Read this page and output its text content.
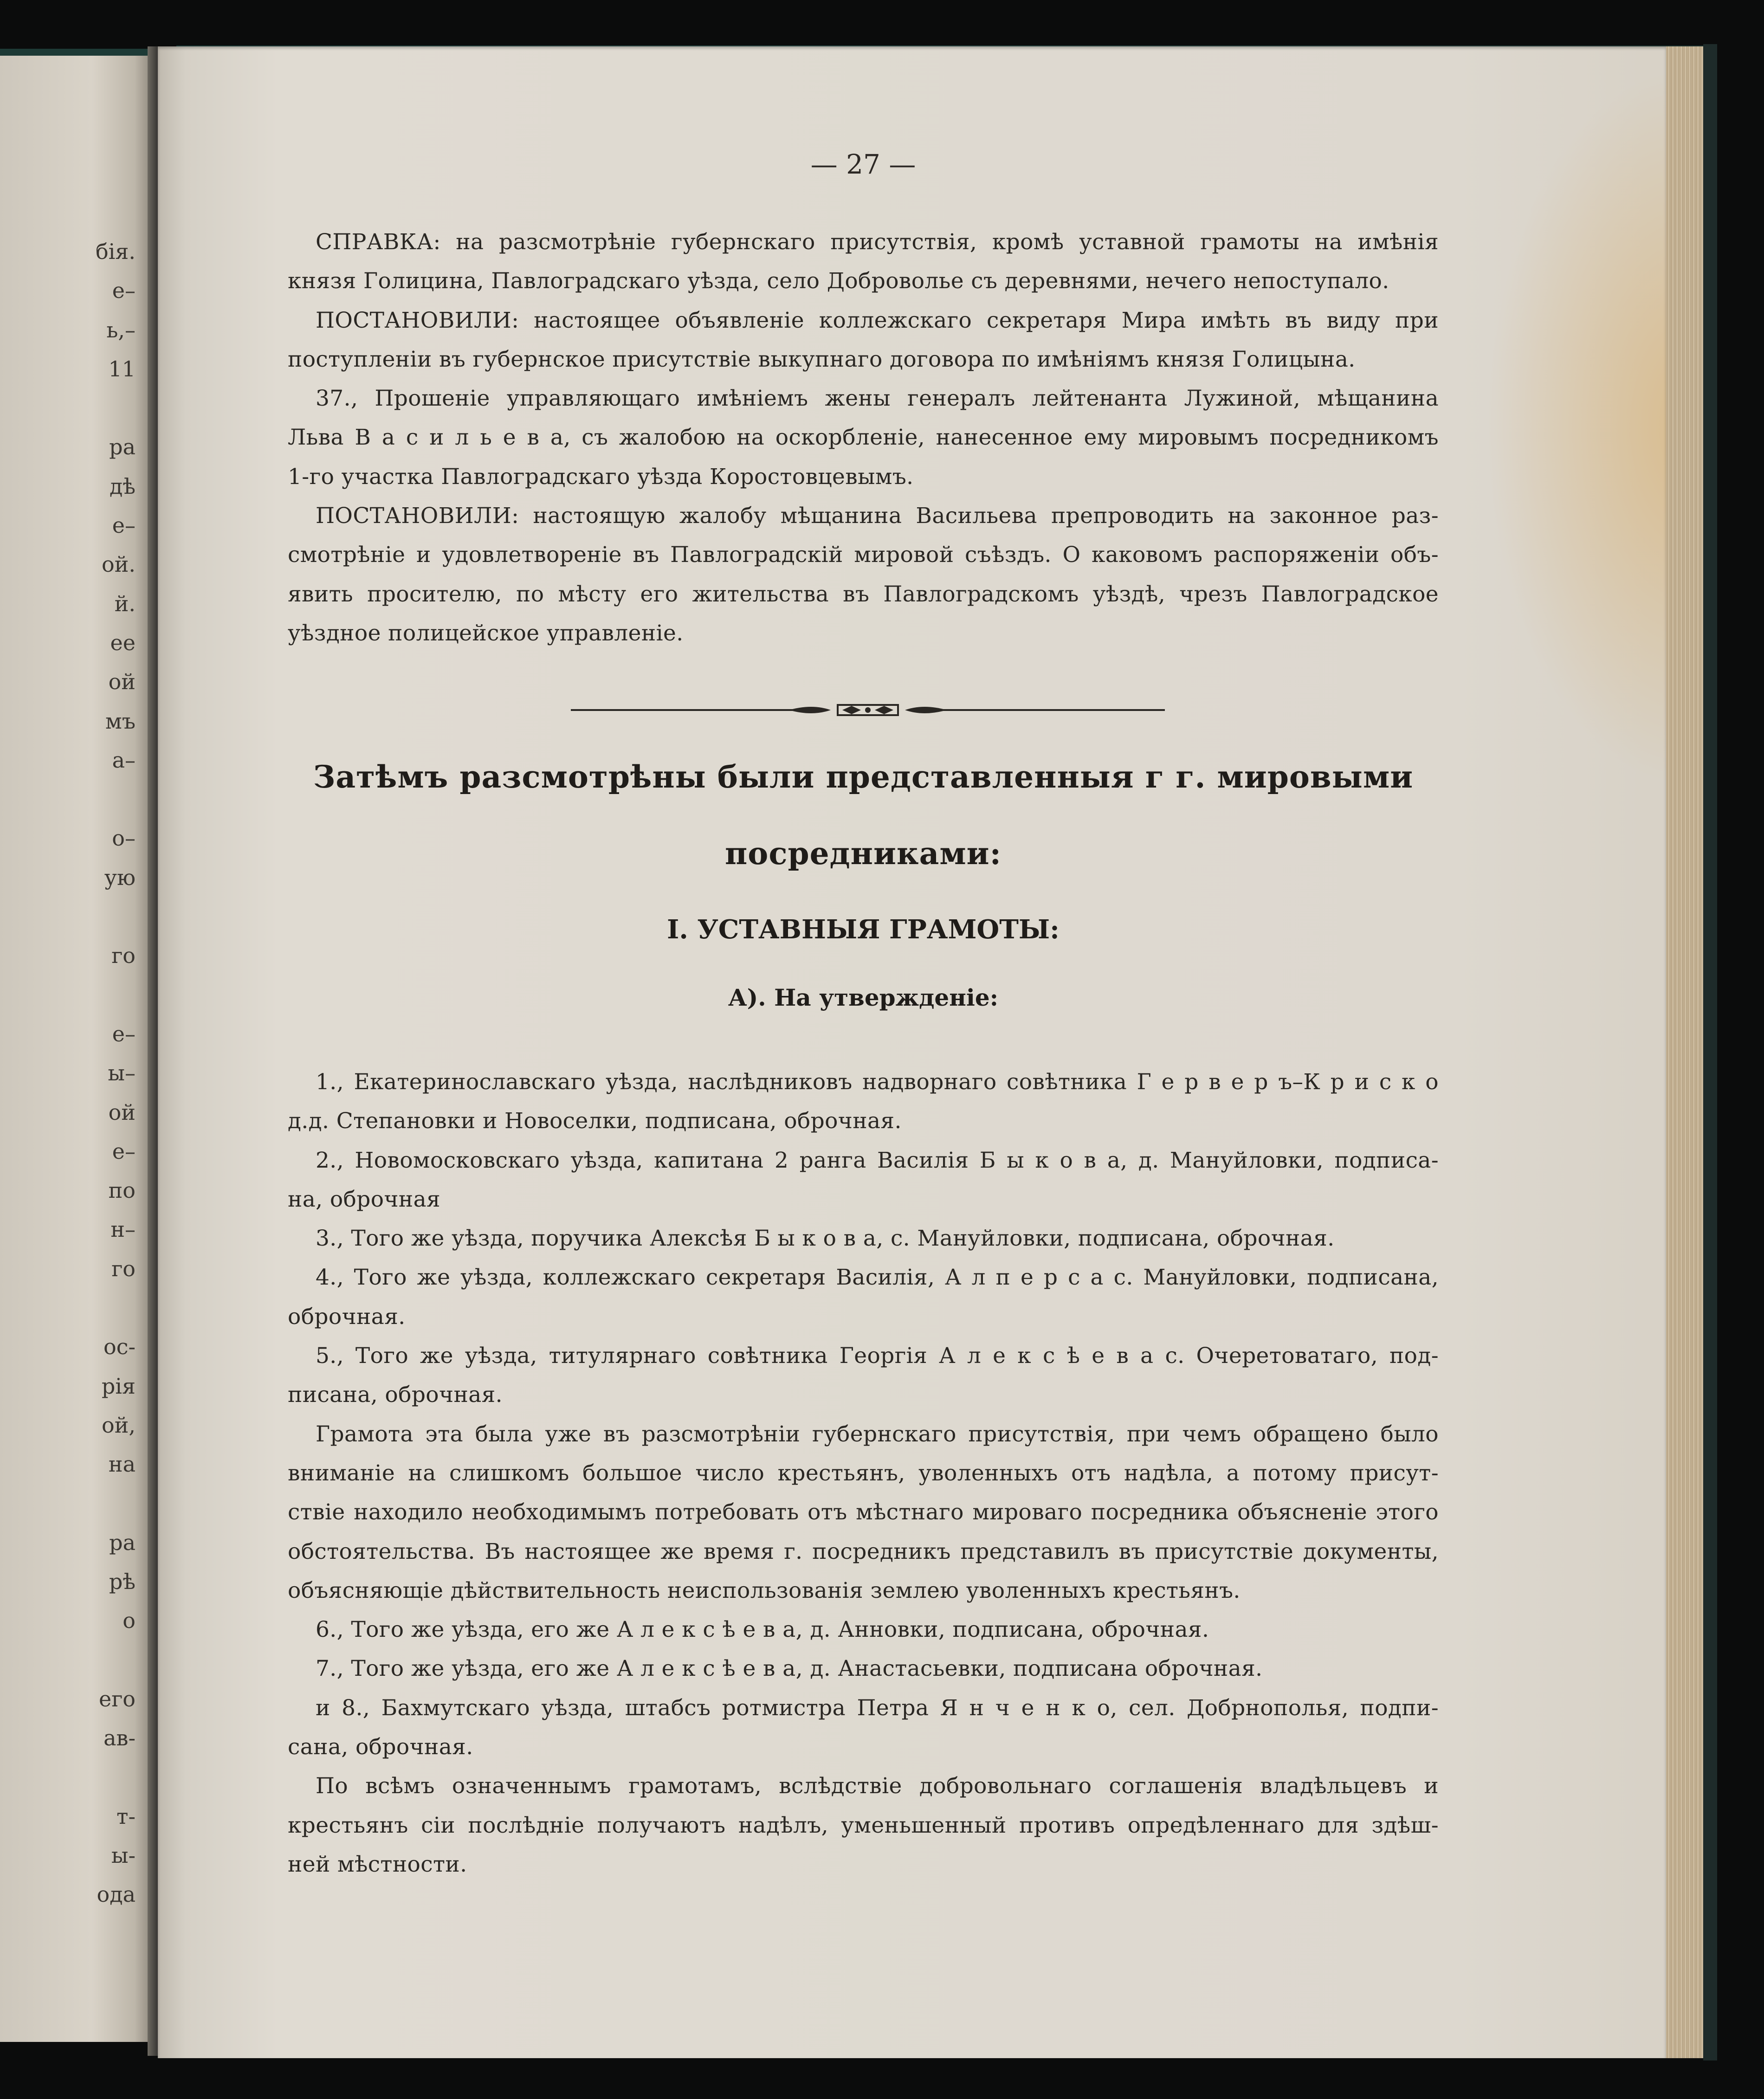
бія.
е–
ь,–
11

ра
дѣ
е–
ой.
й.
ее
ой
мъ
а–

о–
ую

го

е–
ы–
ой
е–
по
н–
го

ос-
рія
ой,
на

ра
рѣ
о

его
ав-

т-
ы-
ода
— 27 —
СПРАВКА: на разсмотрѣніе губернскаго присутствія, кромѣ уставной грамоты на имѣнія
князя Голицина, Павлоградскаго уѣзда, село Доброволье съ деревнями, нечего непоступало.
ПОСТАНОВИЛИ: настоящее объявленіе коллежскаго секретаря Мира имѣть въ виду при
поступленіи въ губернское присутствіе выкупнаго договора по имѣніямъ князя Голицына.
37., Прошеніе управляющаго имѣніемъ жены генералъ лейтенанта Лужиной, мѣщанина
Льва В а с и л ь е в а, съ жалобою на оскорбленіе, нанесенное ему мировымъ посредникомъ
1-го участка Павлоградскаго уѣзда Коростовцевымъ.
ПОСТАНОВИЛИ: настоящую жалобу мѣщанина Васильева препроводить на законное раз-
смотрѣніе и удовлетвореніе въ Павлоградскій мировой съѣздъ. О каковомъ распоряженіи объ-
явить просителю, по мѣсту его жительства въ Павлоградскомъ уѣздѣ, чрезъ Павлоградское
уѣздное полицейское управленіе.
Затѣмъ разсмотрѣны были представленныя г г. мировыми
посредниками:
I. УСТАВНЫЯ ГРАМОТЫ:
А). На утвержденіе:
1., Екатеринославскаго уѣзда, наслѣдниковъ надворнаго совѣтника Г е р в е р ъ–К р и с к о
д.д. Степановки и Новоселки, подписана, оброчная.
2., Новомосковскаго уѣзда, капитана 2 ранга Василія Б ы к о в а, д. Мануйловки, подписа-
на, оброчная
3., Того же уѣзда, поручика Алексѣя Б ы к о в а, с. Мануйловки, подписана, оброчная.
4., Того же уѣзда, коллежскаго секретаря Василія, А л п е р с а с. Мануйловки, подписана,
оброчная.
5., Того же уѣзда, титулярнаго совѣтника Георгія А л е к с ѣ е в а с. Очеретоватаго, под-
писана, оброчная.
Грамота эта была уже въ разсмотрѣніи губернскаго присутствія, при чемъ обращено было
вниманіе на слишкомъ большое число крестьянъ, уволенныхъ отъ надѣла, а потому присут-
ствіе находило необходимымъ потребовать отъ мѣстнаго мироваго посредника объясненіе этого
обстоятельства. Въ настоящее же время г. посредникъ представилъ въ присутствіе документы,
объясняющіе дѣйствительность неиспользованія землею уволенныхъ крестьянъ.
6., Того же уѣзда, его же А л е к с ѣ е в а, д. Анновки, подписана, оброчная.
7., Того же уѣзда, его же А л е к с ѣ е в а, д. Анастасьевки, подписана оброчная.
и 8., Бахмутскаго уѣзда, штабсъ ротмистра Петра Я н ч е н к о, сел. Добрнополья, подпи-
сана, оброчная.
По всѣмъ означеннымъ грамотамъ, вслѣдствіе добровольнаго соглашенія владѣльцевъ и
крестьянъ сіи послѣдніе получаютъ надѣлъ, уменьшенный противъ опредѣленнаго для здѣш-
ней мѣстности.
